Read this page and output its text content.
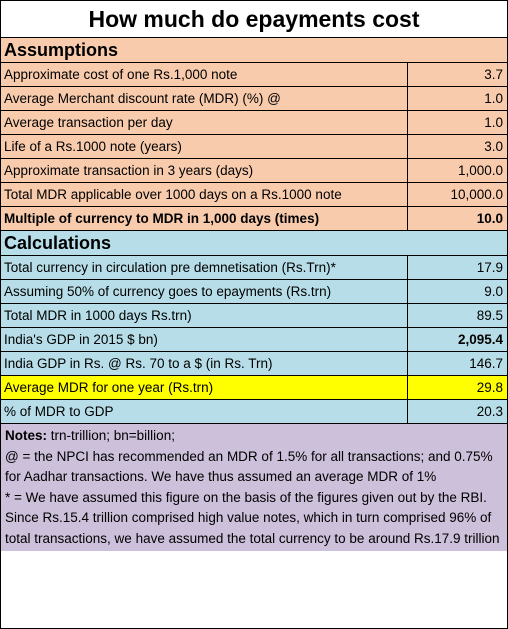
How much do epayments cost
Assumptions
Approximate cost of one Rs.1,000 note	3.7
Average Merchant discount rate (MDR) (%) @	1.0
Average transaction per day	1.0
Life of a Rs.1000 note (years)	3.0
Approximate transaction in 3 years (days)	1,000.0
Total MDR applicable over 1000 days on a Rs.1000 note	10,000.0
Multiple of currency to MDR in 1,000 days (times)	10.0
Calculations
Total currency in circulation pre demnetisation (Rs.Trn)*	17.9
Assuming 50% of currency goes to epayments (Rs.trn)	9.0
Total MDR in 1000 days Rs.trn)	89.5
India's GDP in 2015 $ bn)	2,095.4
India GDP in Rs. @ Rs. 70 to a $ (in Rs. Trn)	146.7
Average MDR for one year (Rs.trn)	29.8
% of MDR to GDP	20.3

Notes: trn-trillion; bn=billion;

@ = the NPCI has recommended an MDR of 1.5% for all transactions; and 0.75% for Aadhar transactions. We have thus assumed an average MDR of 1%

* = We have assumed this figure on the basis of the figures given out by the RBI. Since Rs.15.4 trillion comprised high value notes, which in turn comprised 96% of total transactions, we have assumed the total currency to be around Rs.17.9 trillion
